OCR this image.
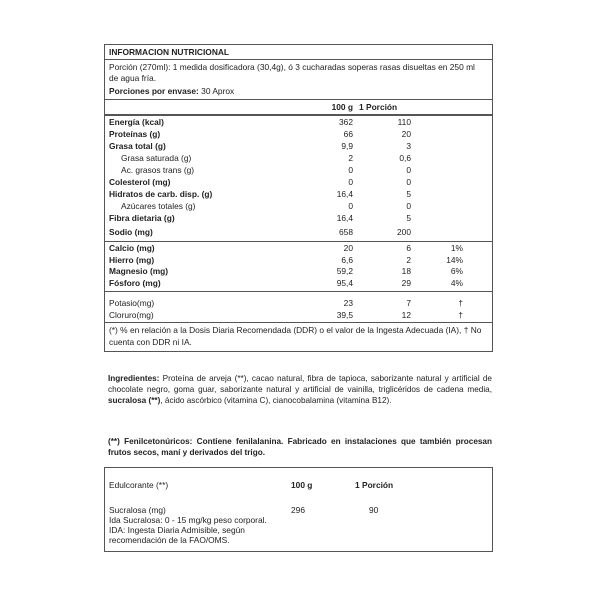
INFORMACION NUTRICIONAL
Porción (270ml): 1 medida dosificadora (30,4g), ó 3 cucharadas soperas rasas disueltas en 250 ml
de agua fría.
Porciones por envase: 30 Aprox
100 g 1 Porción
(*) % en relación a la Dosis Diaria Recomendada (DDR) o el valor de la Ingesta Adecuada (IA), † No
cuenta con DDR ni IA.
Energía (kcal)	362	110
Proteínas (g)	66	20
Grasa total (g)	9,9	3
Grasa saturada (g)	2	0,6
Ac. grasos trans (g)	0	0
Colesterol (mg)	0	0
Hidratos de carb. disp. (g)	16,4	5
Azúcares totales (g)	0	0
Fibra dietaria (g)	16,4	5
Sodio (mg)	658	200
Calcio (mg)	20	6	1%
Hierro (mg)	6,6	2	14%
Magnesio (mg)	59,2	18	6%
Fósforo (mg)	95,4	29	4%
Potasio(mg)	23	7	†
Cloruro(mg)	39,5	12	†
Ingredientes: Proteína de arveja (**), cacao natural, fibra de tapioca, saborizante natural y artificial de chocolate negro, goma guar, saborizante natural y artificial de vainilla, triglicéridos de cadena media, sucralosa (**), ácido ascórbico (vitamina C), cianocobalamina (vitamina B12).
(**) Fenilcetonúricos: Contiene fenilalanina. Fabricado en instalaciones que también procesan frutos secos, maní y derivados del trigo.
Edulcorante (**)	100 g	1 Porción
Sucralosa (mg)	296	90
Ida Sucralosa: 0 - 15 mg/kg peso corporal.
IDA: Ingesta Diaria Admisible, según
recomendación de la FAO/OMS.
